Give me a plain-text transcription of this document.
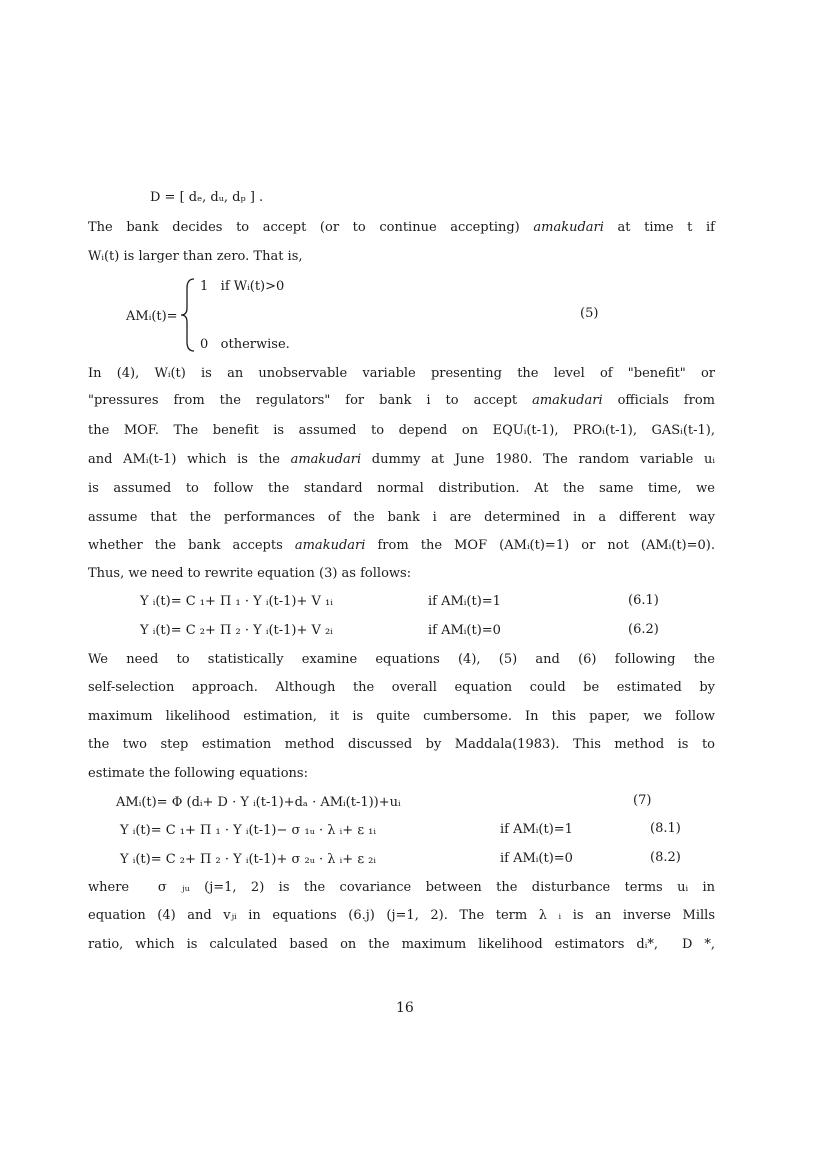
D = [ dₑ, dᵤ, dₚ ] .
The bank decides to accept (or to continue accepting) amakudari at time t if
Wᵢ(t) is larger than zero. That is,
1   if Wᵢ(t)>0
AMᵢ(t)=	(5)
0   otherwise.
In (4), Wᵢ(t) is an unobservable variable presenting the level of "benefit" or
"pressures from the regulators" for bank i to accept amakudari officials from
the MOF. The benefit is assumed to depend on EQUᵢ(t-1), PROᵢ(t-1), GASᵢ(t-1),
and AMᵢ(t-1) which is the amakudari dummy at June 1980. The random variable uᵢ
is assumed to follow the standard normal distribution. At the same time, we
assume that the performances of the bank i are determined in a different way
whether the bank accepts amakudari from the MOF (AMᵢ(t)=1) or not (AMᵢ(t)=0).
Thus, we need to rewrite equation (3) as follows:
Y ᵢ(t)= C ₁+ Π ₁ · Y ᵢ(t-1)+ V ₁ᵢ	if AMᵢ(t)=1	(6.1)
Y ᵢ(t)= C ₂+ Π ₂ · Y ᵢ(t-1)+ V ₂ᵢ	if AMᵢ(t)=0	(6.2)
We need to statistically examine equations (4), (5) and (6) following the
self-selection approach. Although the overall equation could be estimated by
maximum likelihood estimation, it is quite cumbersome. In this paper, we follow
the two step estimation method discussed by Maddala(1983). This method is to
estimate the following equations:
AMᵢ(t)= Φ (dᵢ+ D · Y ᵢ(t-1)+dₐ · AMᵢ(t-1))+uᵢ	(7)
Y ᵢ(t)= C ₁+ Π ₁ · Y ᵢ(t-1)− σ ₁ᵤ · λ ᵢ+ ε ₁ᵢ	if AMᵢ(t)=1	(8.1)
Y ᵢ(t)= C ₂+ Π ₂ · Y ᵢ(t-1)+ σ ₂ᵤ · λ ᵢ+ ε ₂ᵢ	if AMᵢ(t)=0	(8.2)
where  σ ⱼᵤ (j=1, 2) is the covariance between the disturbance terms uᵢ in
equation (4) and vⱼᵢ in equations (6.j) (j=1, 2). The term λ ᵢ is an inverse Mills
ratio, which is calculated based on the maximum likelihood estimators dᵢ*,  D *,
16
